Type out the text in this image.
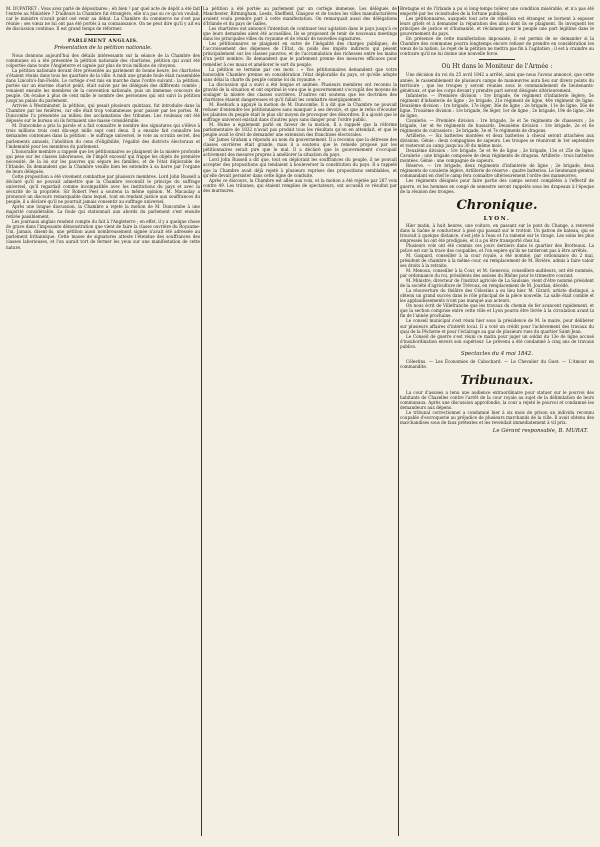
M. DUPATRET : Vous avez parlé de dépositaires ; eh bien ! par quel acte de dépôt a été fait l'entrée au Ministère ? D'ailleurs la Chambre fut étrangère, elle n'a pas su ce qu'on voulait, car le ministre n'avait point osé venir au débat. La Chambre du commerce ne s'est pas réunie ; ses vœux ne lui ont pas été portés à sa connaissance. On ne peut dire qu'il y ait eu de discussion continue. Il est grand temps de réformer.

PARLEMENT ANGLAIS.
Présentation de la pétition nationale.

Nous donnons aujourd'hui des détails intéressants sur la séance de la Chambre des communes où a été présentée la pétition nationale des chartistes, pétition qui avait été colportée dans toute l'Angleterre et signée par plus de trois millions de citoyens.

La pétition nationale devant être présentée au parlement de bonne heure, les chartistes s'étaient réunis dans tous les quartiers de la ville. A midi une grande foule était rassemblée dans Lincoln's-Inn-Fields. Le cortège s'est mis en marche dans l'ordre suivant : la pétition, portée sur un énorme chariot peint, était suivie par les délégués des différents comtés ; venaient ensuite les membres de la convention nationale, puis un immense concours de peuple. On évalue à plus de cent mille le nombre des personnes qui ont suivi la pétition jusqu'au palais du parlement.

Arrivée à Westminster, la pétition, qui pesait plusieurs quintaux, fut introduite dans la Chambre par les fenêtres, car elle était trop volumineuse pour passer par les portes. M. Duncombe l'a présentée au milieu des acclamations des tribunes. Les rouleaux ont été déposés sur le bureau où ils formaient une masse considérable.

M. Duncombe a pris la parole et a fait connaître le nombre des signatures qui s'élève à trois millions trois cent dix-sept mille sept cent deux. Il a ensuite fait connaître les demandes contenues dans la pétition : le suffrage universel, le vote au scrutin secret, des parlements annuels, l'abolition du cens d'éligibilité, l'égalité des districts électoraux et l'indemnité pour les membres du parlement.

L'honorable membre a rappelé que les pétitionnaires se plaignent de la misère profonde qui pèse sur les classes laborieuses, de l'impôt excessif qui frappe les objets de première nécessité, de la loi sur les pauvres qui sépare les familles, et de l'état déplorable de l'Irlande. Ils demandent que la Chambre veuille bien les entendre à sa barre par l'organe de leurs délégués.

Cette proposition a été vivement combattue par plusieurs membres. Lord John Russell a déclaré qu'il ne pouvait admettre que la Chambre reconnût le principe du suffrage universel, qu'il regardait comme incompatible avec les institutions du pays et avec la sécurité de la propriété. Sir Robert Peel a soutenu la même opinion. M. Macaulay a prononcé un discours remarquable dans lequel, tout en rendant justice aux souffrances du peuple, il a déclaré qu'il ne pourrait jamais consentir au suffrage universel.

Après une longue discussion, la Chambre a rejeté la motion de M. Duncombe à une majorité considérable. La foule qui stationnait aux abords du parlement s'est ensuite retirée paisiblement.

Les journaux anglais rendent compte du fait à l'Angleterre ; en effet, il y a quelque chose de grave dans l'imposante démonstration que vient de faire la classe ouvrière du Royaume-Uni. Jamais, disent-ils, une pétition aussi nombreusement signée n'avait été adressée au parlement britannique. Cette masse de signatures atteste l'étendue des souffrances des classes laborieuses, et l'on aurait tort de fermer les yeux sur une manifestation de cette nature.

La pétition a été portée au parlement par un cortège immense. Les délégués de Manchester, Birmingham, Leeds, Sheffield, Glasgow et de toutes les villes manufacturières avaient voulu prendre part à cette manifestation. On remarquait aussi des délégations d'Irlande et du pays de Galles.

Les chartistes ont annoncé l'intention de continuer leur agitation dans le pays jusqu'à ce que leurs demandes aient été accueillies. Ils se proposent de tenir de nouveaux meetings dans les principales villes du royaume et de réunir de nouvelles signatures.

Les pétitionnaires se plaignent en outre de l'inégalité des charges publiques, de l'accroissement des dépenses de l'État, du poids des impôts indirects qui pèsent principalement sur les classes pauvres, et de l'accumulation des richesses entre les mains d'un petit nombre. Ils demandent que le parlement prenne des mesures efficaces pour remédier à ces maux et améliorer le sort du peuple.

La pétition se termine par ces mots : « Vos pétitionnaires demandent que votre honorable Chambre prenne en considération l'état déplorable du pays, et qu'elle adopte sans délai la charte du peuple comme loi du royaume. »

La discussion qui a suivi a été longue et animée. Plusieurs membres ont reconnu la gravité de la situation et ont exprimé le vœu que le gouvernement s'occupât des moyens de soulager la misère des classes ouvrières. D'autres ont soutenu que les doctrines des chartistes étaient dangereuses et qu'il fallait les combattre énergiquement.

M. Roebuck a appuyé la motion de M. Duncombe. Il a dit que la Chambre ne pouvait refuser d'entendre les pétitionnaires sans manquer à ses devoirs, et que le refus d'écouter les plaintes du peuple était le plus sûr moyen de provoquer des désordres. Il a ajouté que le suffrage universel existait dans d'autres pays sans danger pour l'ordre public.

M. Hume a également parlé en faveur de la motion. Il a rappelé que la réforme parlementaire de 1832 n'avait pas produit tous les résultats qu'on en attendait, et que le peuple avait le droit de demander une extension des franchises électorales.

Sir James Graham a répondu au nom du gouvernement. Il a reconnu que la détresse des classes ouvrières était grande, mais il a soutenu que le remède proposé par les pétitionnaires serait pire que le mal. Il a déclaré que le gouvernement s'occupait activement des mesures propres à améliorer la situation du pays.

Lord John Russell a dit que, tout en déplorant les souffrances du peuple, il ne pouvait accepter des propositions qui tendaient à bouleverser la constitution du pays. Il a rappelé que la Chambre avait déjà rejeté à plusieurs reprises des propositions semblables, et qu'elle devait persister dans cette ligne de conduite.

Après ce discours, la Chambre est allée aux voix, et la motion a été rejetée par 287 voix contre 49. Les tribunes, qui étaient remplies de spectateurs, ont accueilli ce résultat par des murmures.

Bretagne et de l'Irlande a pu si long-temps tolérer une condition misérable, et n'a pas été emporté par les vicissitudes de la fortune publique.

Les pétitionnaires, auxquels tout acte de rébellion est étranger, se bornent à exposer leurs griefs et à demander la réparation des abus dont ils se plaignent. Ils invoquent les principes de justice et d'humanité, et réclament pour le peuple une part légitime dans le gouvernement du pays.

En présence de cette manifestation imposante, il est permis de se demander si la Chambre des communes pourra longtemps encore refuser de prendre en considération les vœux de la nation. Le rejet de la pétition ne mettra pas fin à l'agitation ; il est à craindre au contraire qu'il ne lui donne une nouvelle force.

Où Ht dans le Moniteur de l'Armée :

Une décision du roi du 25 avril 1842 a arrêté, ainsi que nous l'avons annoncé, que cette année, le rassemblement de plusieurs camps de manœuvres aura lieu sur divers points du territoire ; que les troupes y seront réunies sous le commandement de lieutenants-généraux, et que les corps devant y prendre part seront désignés ultérieurement.

Infanterie. — Première division : 1re brigade, 6e régiment d'infanterie légère, 5e régiment d'infanterie de ligne ; 2e brigade, 21e régiment de ligne, 40e régiment de ligne. Deuxième division : 1re brigade, 17e léger, 36e de ligne ; 2e brigade, 11e de ligne, 56e de ligne. Troisième division : 1re brigade, 8e léger, 1er de ligne ; 2e brigade, 19e de ligne, 24e de ligne.

Cavalerie. — Première division : 1re brigade, 3e et 5e régiments de chasseurs ; 2e brigade, 1er et 4e régiments de hussards. Deuxième division : 1re brigade, 2e et 6e régiments de cuirassiers ; 2e brigade, 3e et 7e régiments de dragons.

Artillerie. — Six batteries montées et deux batteries à cheval seront attachées aux divisions. Génie : deux compagnies de sapeurs. Les troupes se réuniront le 1er septembre et resteront au camp jusqu'au 30 du même mois.

Deuxième division : 1re brigade, 5e et 9e de ligne ; 2e brigade, 13e et 25e de ligne. Cavalerie : une brigade composée de deux régiments de dragons. Artillerie : trois batteries montées. Génie : une compagnie de sapeurs.

Réserve. — 1re brigade, deux régiments d'infanterie de ligne ; 2e brigade, deux régiments de cavalerie légère. Artillerie de réserve : quatre batteries. Le lieutenant-général commandant en chef le camp fera connaître ultérieurement l'ordre des manœuvres.

Les régiments désignés pour faire partie des camps seront complétés à l'effectif de guerre, et les hommes en congé de semestre seront rappelés sous les drapeaux à l'époque de la réunion des troupes.

Chronique.
LYON.

Hier matin, à huit heures, une voiture, en passant sur le pont du Change, a renversé dans la Saône le conducteur à pied qui passait sur le trottoir. Un patron de bateau, qui se trouvait à quelque distance, s'est jeté à l'eau et l'a ramené sur le rivage. Les soins les plus empressés lui ont été prodigués, et il a pu être transporté chez lui.

Plusieurs vols ont été commis ces jours derniers dans le quartier des Brotteaux. La police est sur la trace des coupables, et l'on espère qu'ils ne tarderont pas à être arrêtés.

M. Gaspard, conseiller à la cour royale, a été nommé, par ordonnance du 2 mai, président de chambre à la même cour, en remplacement de M. Rivière, admis à faire valoir ses droits à la retraite.

M. Menoux, conseiller à la Cour, et M. Genevois, conseillers-auditeurs, ont été nommés, par ordonnance du roi, présidents des assises du Rhône pour le trimestre courant.

M. Ministre, directeur de l'institut agricole de La Saulsaie, vient d'être nommé président de la société d'agriculture de Trévoux, en remplacement de M. Jourdan, décédé.

La réouverture du théâtre des Célestins a eu lieu hier. M. Girard, artiste distingué, a obtenu un grand succès dans le rôle principal de la pièce nouvelle. La salle était comble et les applaudissements n'ont pas manqué aux acteurs.

On nous écrit de Villefranche que les travaux du chemin de fer avancent rapidement, et que la section comprise entre cette ville et Lyon pourra être livrée à la circulation avant la fin de l'année prochaine.

Le conseil municipal s'est réuni hier sous la présidence de M. le maire, pour délibérer sur plusieurs affaires d'intérêt local. Il a voté un crédit pour l'achèvement des travaux du quai de la Pêcherie et pour l'éclairage au gaz de plusieurs rues du quartier Saint-Jean.

Le Conseil de guerre s'est réuni ce matin pour juger un soldat du 13e de ligne accusé d'insubordination envers son supérieur. Le prévenu a été condamné à cinq ans de travaux publics.

Spectacles du 4 mai 1842.

Célestins. — Les Économies de Cabochard. — Le Chevalier du Guet. — L'Amour en commandite.

Tribunaux.

La cour d'assises a tenu une audience extraordinaire pour statuer sur le pourvoi des habitants de Chazelles contre l'arrêt de la cour royale au sujet de la délimitation de leurs communaux. Après une discussion approfondie, la cour a rejeté le pourvoi et condamné les demandeurs aux dépens.

Le tribunal correctionnel a condamné hier à six mois de prison un individu reconnu coupable d'escroquerie au préjudice de plusieurs marchands de la ville. Il avait obtenu des marchandises sous de faux prétextes et les revendait immédiatement à vil prix.

Le Gérant responsable, B. MURAT.
